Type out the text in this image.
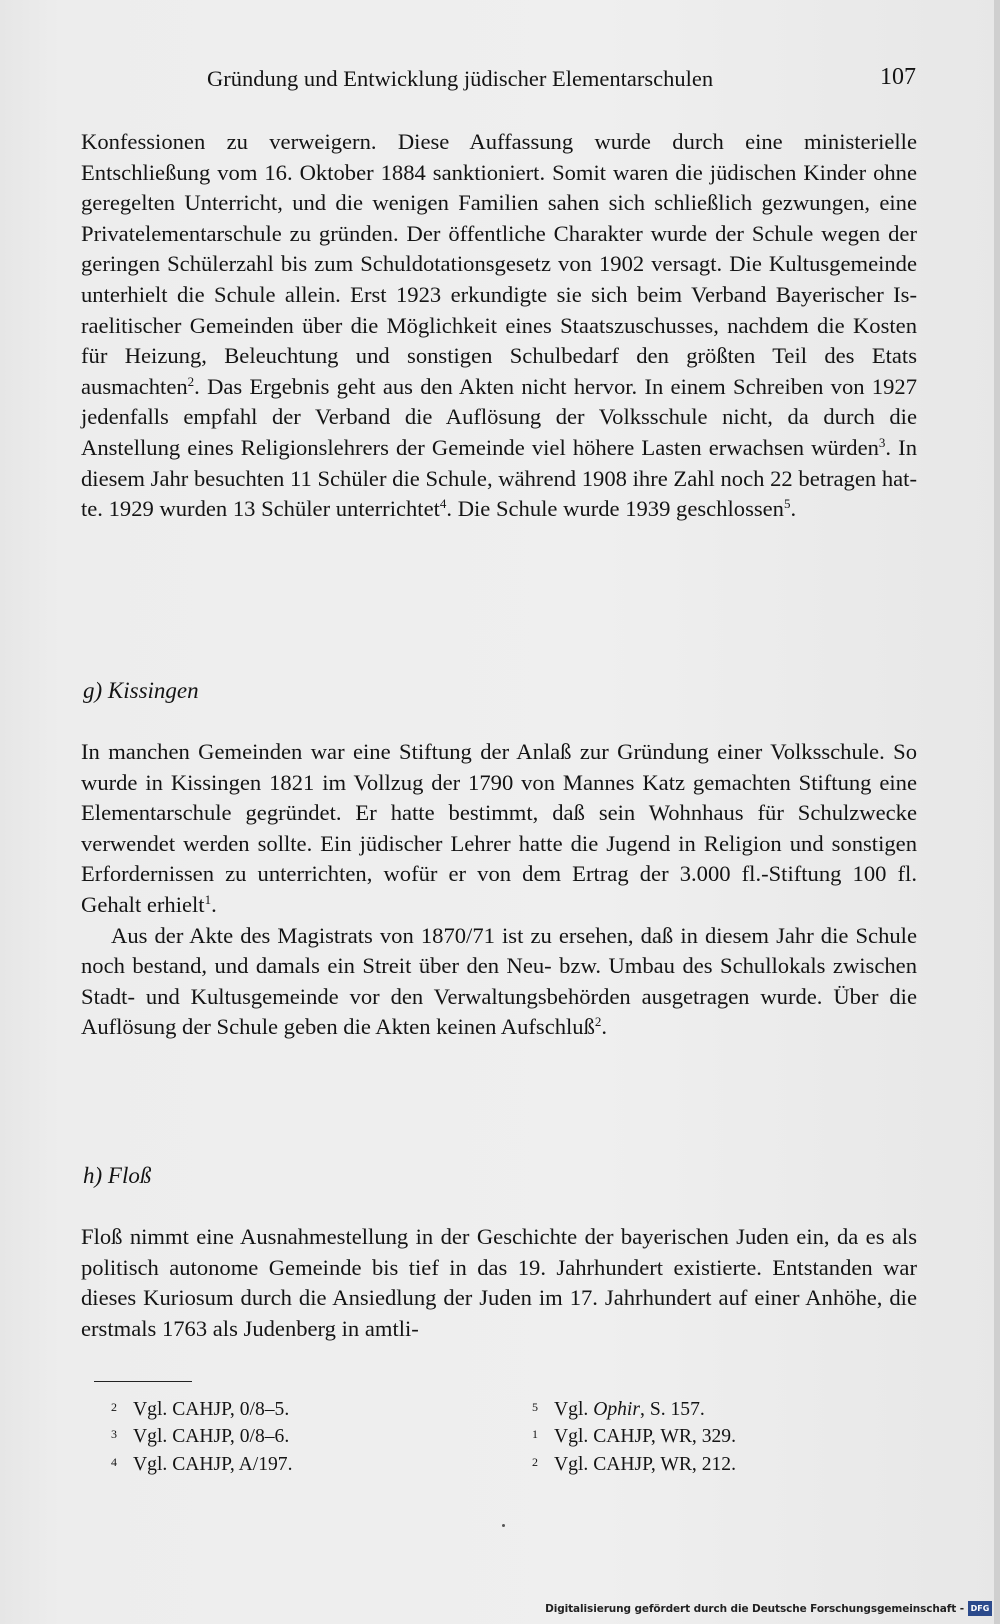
Gründung und Entwicklung jüdischer Elementarschulen	107

Konfessionen zu verweigern. Diese Auffassung wurde durch eine ministerielle Entschließung vom 16. Oktober 1884 sanktioniert. Somit waren die jüdischen Kinder ohne geregelten Unterricht, und die wenigen Familien sahen sich schließlich gezwungen, eine Privatelementarschule zu gründen. Der öffentliche Charakter wurde der Schule wegen der geringen Schülerzahl bis zum Schuldotationsgesetz von 1902 versagt. Die Kultusgemeinde unterhielt die Schule allein. Erst 1923 erkundigte sie sich beim Verband Bayerischer Israelitischer Gemeinden über die Möglichkeit eines Staatszuschusses, nachdem die Kosten für Heizung, Beleuchtung und sonstigen Schulbedarf den größten Teil des Etats ausmachten$^2$. Das Ergebnis geht aus den Akten nicht hervor. In einem Schreiben von 1927 jedenfalls empfahl der Verband die Auflösung der Volksschule nicht, da durch die Anstellung eines Religionslehrers der Gemeinde viel höhere Lasten erwachsen würden$^3$. In diesem Jahr besuchten 11 Schüler die Schule, während 1908 ihre Zahl noch 22 betragen hatte. 1929 wurden 13 Schüler unterrichtet$^4$. Die Schule wurde 1939 geschlossen$^5$.

g) Kissingen

In manchen Gemeinden war eine Stiftung der Anlaß zur Gründung einer Volksschule. So wurde in Kissingen 1821 im Vollzug der 1790 von Mannes Katz gemachten Stiftung eine Elementarschule gegründet. Er hatte bestimmt, daß sein Wohnhaus für Schulzwecke verwendet werden sollte. Ein jüdischer Lehrer hatte die Jugend in Religion und sonstigen Erfordernissen zu unterrichten, wofür er von dem Ertrag der 3.000 fl.-Stiftung 100 fl. Gehalt erhielt$^1$.

Aus der Akte des Magistrats von 1870/71 ist zu ersehen, daß in diesem Jahr die Schule noch bestand, und damals ein Streit über den Neu- bzw. Umbau des Schullokals zwischen Stadt- und Kultusgemeinde vor den Verwaltungsbehörden ausgetragen wurde. Über die Auflösung der Schule geben die Akten keinen Aufschluß$^2$.

h) Floß

Floß nimmt eine Ausnahmestellung in der Geschichte der bayerischen Juden ein, da es als politisch autonome Gemeinde bis tief in das 19. Jahrhundert existierte. Entstanden war dieses Kuriosum durch die Ansiedlung der Juden im 17. Jahrhundert auf einer Anhöhe, die erstmals 1763 als Judenberg in amtli-

2 Vgl. CAHJP, 0/8–5.
3 Vgl. CAHJP, 0/8–6.
4 Vgl. CAHJP, A/197.
5 Vgl. Ophir, S. 157.
1 Vgl. CAHJP, WR, 329.
2 Vgl. CAHJP, WR, 212.
Digitalisierung gefördert durch die Deutsche Forschungsgemeinschaft - DFG
